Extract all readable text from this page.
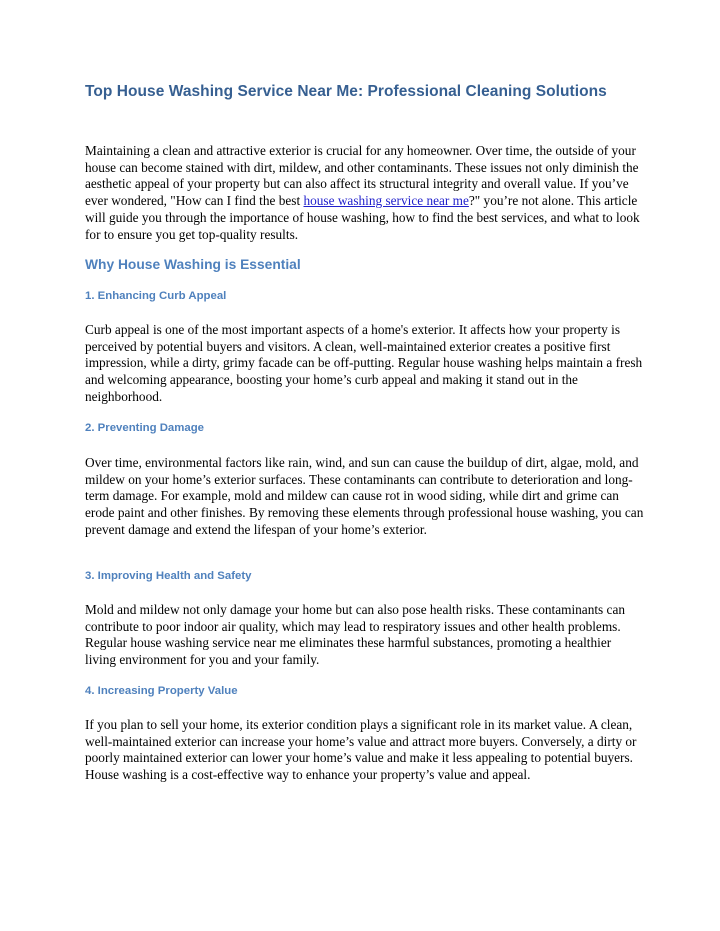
Top House Washing Service Near Me: Professional Cleaning Solutions

Maintaining a clean and attractive exterior is crucial for any homeowner. Over time, the outside of your house can become stained with dirt, mildew, and other contaminants. These issues not only diminish the aesthetic appeal of your property but can also affect its structural integrity and overall value. If you’ve ever wondered, "How can I find the best house washing service near me?" you’re not alone. This article will guide you through the importance of house washing, how to find the best services, and what to look for to ensure you get top-quality results.

Why House Washing is Essential
1. Enhancing Curb Appeal

Curb appeal is one of the most important aspects of a home's exterior. It affects how your property is perceived by potential buyers and visitors. A clean, well-maintained exterior creates a positive first impression, while a dirty, grimy facade can be off-putting. Regular house washing helps maintain a fresh and welcoming appearance, boosting your home’s curb appeal and making it stand out in the neighborhood.

2. Preventing Damage

Over time, environmental factors like rain, wind, and sun can cause the buildup of dirt, algae, mold, and mildew on your home’s exterior surfaces. These contaminants can contribute to deterioration and long-term damage. For example, mold and mildew can cause rot in wood siding, while dirt and grime can erode paint and other finishes. By removing these elements through professional house washing, you can prevent damage and extend the lifespan of your home’s exterior.

3. Improving Health and Safety

Mold and mildew not only damage your home but can also pose health risks. These contaminants can contribute to poor indoor air quality, which may lead to respiratory issues and other health problems. Regular house washing service near me eliminates these harmful substances, promoting a healthier living environment for you and your family.

4. Increasing Property Value

If you plan to sell your home, its exterior condition plays a significant role in its market value. A clean, well-maintained exterior can increase your home’s value and attract more buyers. Conversely, a dirty or poorly maintained exterior can lower your home’s value and make it less appealing to potential buyers. House washing is a cost-effective way to enhance your property’s value and appeal.
